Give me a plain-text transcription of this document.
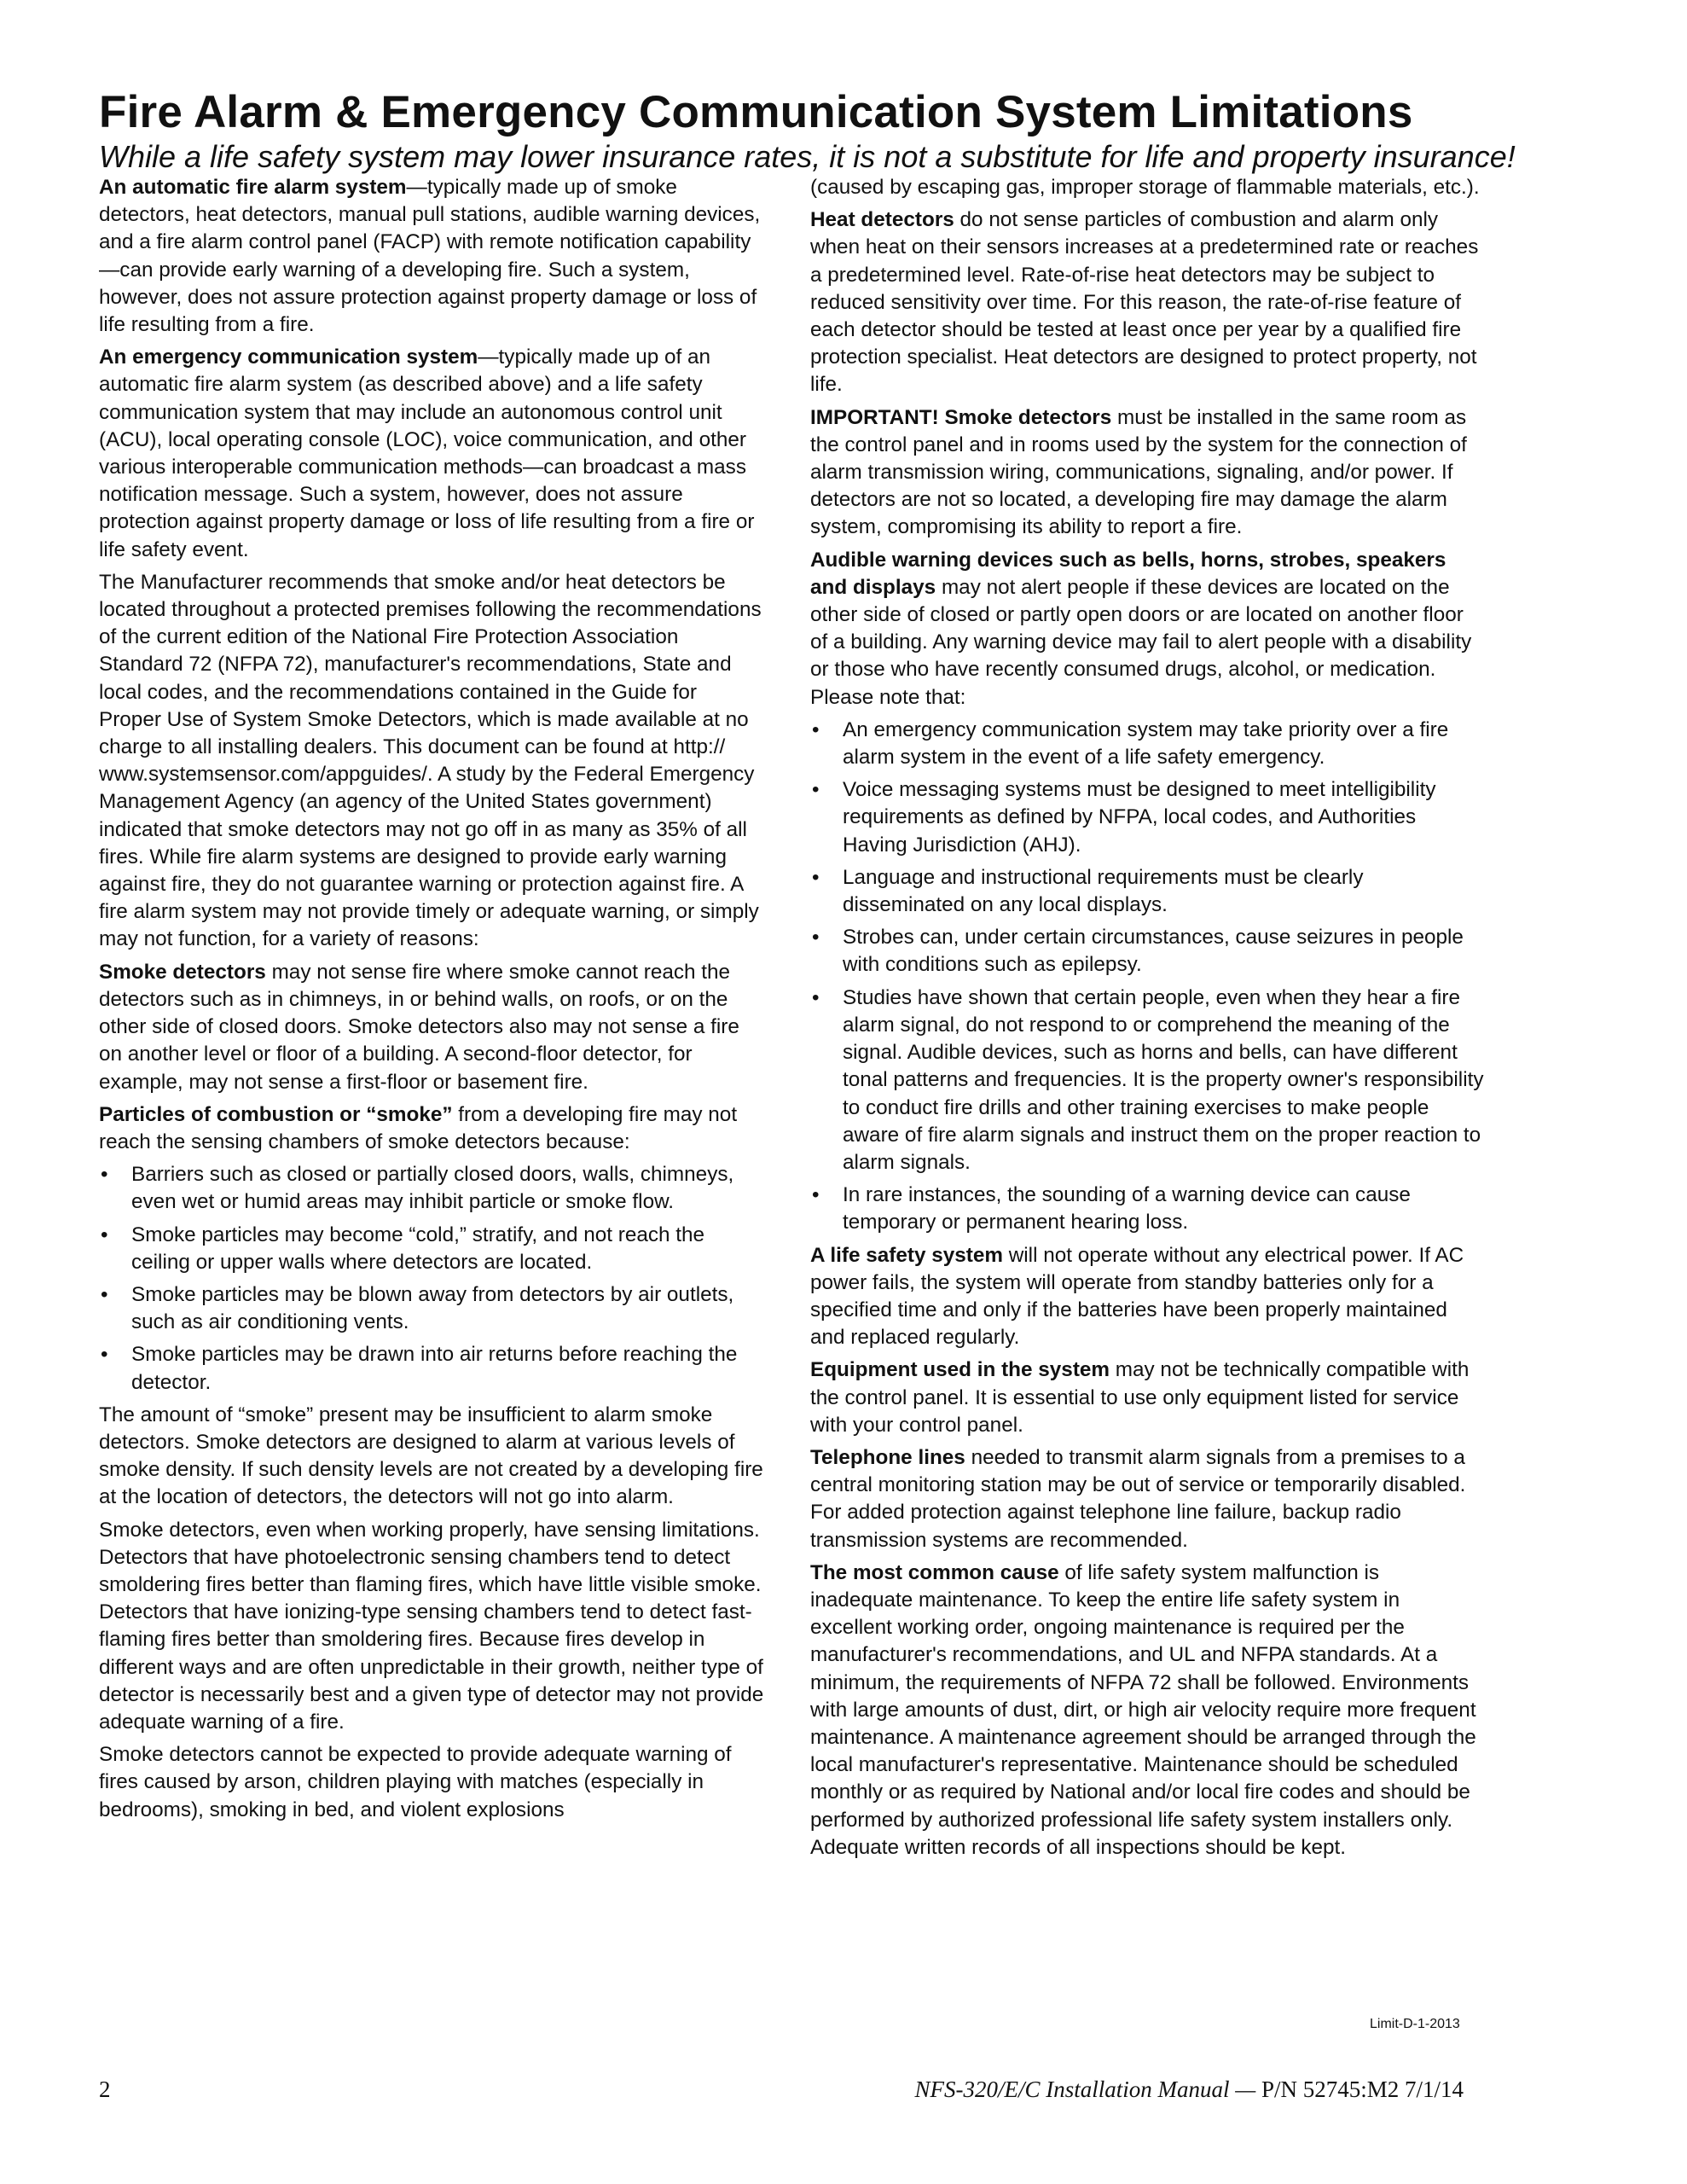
Fire Alarm & Emergency Communication System Limitations
While a life safety system may lower insurance rates, it is not a substitute for life and property insurance!

An automatic fire alarm system—typically made up of smoke detectors, heat detectors, manual pull stations, audible warning devices, and a fire alarm control panel (FACP) with remote notification capability—can provide early warning of a developing fire. Such a system, however, does not assure protection against property damage or loss of life resulting from a fire.

An emergency communication system—typically made up of an automatic fire alarm system (as described above) and a life safety communication system that may include an autonomous control unit (ACU), local operating console (LOC), voice communication, and other various interoperable communication methods—can broadcast a mass notification message. Such a system, however, does not assure protection against property damage or loss of life resulting from a fire or life safety event.

The Manufacturer recommends that smoke and/or heat detectors be located throughout a protected premises following the recommendations of the current edition of the National Fire Protection Association Standard 72 (NFPA 72), manufacturer's recommendations, State and local codes, and the recommendations contained in the Guide for Proper Use of System Smoke Detectors, which is made available at no charge to all installing dealers. This document can be found at http:// www.systemsensor.com/appguides/. A study by the Federal Emergency Management Agency (an agency of the United States government) indicated that smoke detectors may not go off in as many as 35% of all fires. While fire alarm systems are designed to provide early warning against fire, they do not guarantee warning or protection against fire. A fire alarm system may not provide timely or adequate warning, or simply may not function, for a variety of reasons:

Smoke detectors may not sense fire where smoke cannot reach the detectors such as in chimneys, in or behind walls, on roofs, or on the other side of closed doors. Smoke detectors also may not sense a fire on another level or floor of a building. A second-floor detector, for example, may not sense a first-floor or basement fire.

Particles of combustion or “smoke” from a developing fire may not reach the sensing chambers of smoke detectors because:

• Barriers such as closed or partially closed doors, walls, chimneys, even wet or humid areas may inhibit particle or smoke flow.
• Smoke particles may become “cold,” stratify, and not reach the ceiling or upper walls where detectors are located.
• Smoke particles may be blown away from detectors by air outlets, such as air conditioning vents.
• Smoke particles may be drawn into air returns before reaching the detector.

The amount of “smoke” present may be insufficient to alarm smoke detectors. Smoke detectors are designed to alarm at various levels of smoke density. If such density levels are not created by a developing fire at the location of detectors, the detectors will not go into alarm.

Smoke detectors, even when working properly, have sensing limitations. Detectors that have photoelectronic sensing chambers tend to detect smoldering fires better than flaming fires, which have little visible smoke. Detectors that have ionizing-type sensing chambers tend to detect fast-flaming fires better than smoldering fires. Because fires develop in different ways and are often unpredictable in their growth, neither type of detector is necessarily best and a given type of detector may not provide adequate warning of a fire.

Smoke detectors cannot be expected to provide adequate warning of fires caused by arson, children playing with matches (especially in bedrooms), smoking in bed, and violent explosions

(caused by escaping gas, improper storage of flammable materials, etc.).

Heat detectors do not sense particles of combustion and alarm only when heat on their sensors increases at a predetermined rate or reaches a predetermined level. Rate-of-rise heat detectors may be subject to reduced sensitivity over time. For this reason, the rate-of-rise feature of each detector should be tested at least once per year by a qualified fire protection specialist. Heat detectors are designed to protect property, not life.

IMPORTANT! Smoke detectors must be installed in the same room as the control panel and in rooms used by the system for the connection of alarm transmission wiring, communications, signaling, and/or power. If detectors are not so located, a developing fire may damage the alarm system, compromising its ability to report a fire.

Audible warning devices such as bells, horns, strobes, speakers and displays may not alert people if these devices are located on the other side of closed or partly open doors or are located on another floor of a building. Any warning device may fail to alert people with a disability or those who have recently consumed drugs, alcohol, or medication. Please note that:

• An emergency communication system may take priority over a fire alarm system in the event of a life safety emergency.
• Voice messaging systems must be designed to meet intelligibility requirements as defined by NFPA, local codes, and Authorities Having Jurisdiction (AHJ).
• Language and instructional requirements must be clearly disseminated on any local displays.
• Strobes can, under certain circumstances, cause seizures in people with conditions such as epilepsy.
• Studies have shown that certain people, even when they hear a fire alarm signal, do not respond to or comprehend the meaning of the signal. Audible devices, such as horns and bells, can have different tonal patterns and frequencies. It is the property owner's responsibility to conduct fire drills and other training exercises to make people aware of fire alarm signals and instruct them on the proper reaction to alarm signals.
• In rare instances, the sounding of a warning device can cause temporary or permanent hearing loss.

A life safety system will not operate without any electrical power. If AC power fails, the system will operate from standby batteries only for a specified time and only if the batteries have been properly maintained and replaced regularly.

Equipment used in the system may not be technically compatible with the control panel. It is essential to use only equipment listed for service with your control panel.

Telephone lines needed to transmit alarm signals from a premises to a central monitoring station may be out of service or temporarily disabled. For added protection against telephone line failure, backup radio transmission systems are recommended.

The most common cause of life safety system malfunction is inadequate maintenance. To keep the entire life safety system in excellent working order, ongoing maintenance is required per the manufacturer's recommendations, and UL and NFPA standards. At a minimum, the requirements of NFPA 72 shall be followed. Environments with large amounts of dust, dirt, or high air velocity require more frequent maintenance. A maintenance agreement should be arranged through the local manufacturer's representative. Maintenance should be scheduled monthly or as required by National and/or local fire codes and should be performed by authorized professional life safety system installers only. Adequate written records of all inspections should be kept.

Limit-D-1-2013
2	NFS-320/E/C Installation Manual — P/N 52745:M2 7/1/14
